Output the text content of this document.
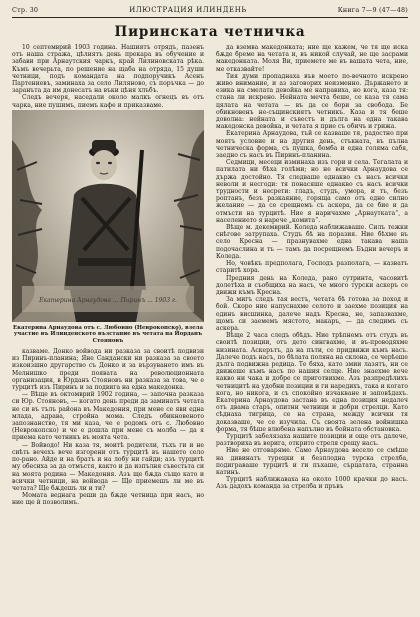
Стр. 30	ИЛЮСТРАЦИЯ ИЛИНДЕНЬ	Книга 7—9 (47—48)
Пиринската четничка

10 септемврий 1903 година. Нашиятъ отрядъ, пазенъ отъ нашa стража, цѣлиятъ день прекара въ обучение и забави при Арнаутския чаркъ, край Лилиновската рѣка. Къмъ вечерьта, по решение на щаба на отряда, 15 души четници, подъ командата на подпоручикъ Асенъ Партениевъ, заминаха за село Лиляново, съ поръчка — до заранъта да им донесатъ на въки цѣня хлъбъ.

Следъ вечеря, наседали около малкъ огнецъ въ отъ чарка, ние пушимъ, пиемъ кафе и приказваме.

Екатерина Арнаудова ... Пиринъ ... 1903 г.
Екатерина Арнаудова отъ с. Любовно (Неврокопско), взела участие въ Илинденското възстание въ четата на Йорданъ Стояновъ

казваме. Донко войвода ни разказа за своитѣ подвизи из Пиринъ-планина; Яне Сандански ни разказа за своето изкоизшно другарство съ Донко и за вързуването имъ въ Мелнишко преди появата на революционната организация, в Юрданъ Стояновъ ни разказа за това, че е турцитѣ изъ Пиринъ и за подвига на една македонка.

— Вѣще въ октомврий 1902 година, — започна разказа си Юр. Стояновъ, — когато день преди да заминатъ четата не си въ тълъ района въ Македония, при мене се яви една млада, адрава, стройна мома. Следъ обикновеното запознанство, тя ми каза, че е родомъ отъ с. Любовно (Неврокопско) и че е дошла при мене съ молба — да я приема като четникъ въ моята чета.

— Войводо! Ни каза тя, моитѣ родители, тъхъ ги и не сиѣть вечехъ вече изгорени отъ турцитѣ въ нашето село по-рано. Айде и на братъ и на лобу ни гайди; азъ турцитѣ му обесиха за да отмъстя, както и да изпълня съвестьта си на моята родина — Македония. Азъ ще бѫда също като и всички четници, на войвода — Ще приемешъ ли ме въ четата? Ще бѫдешъ ли и ти?

Момата веднага реши да бѫде четница при насъ, но ние ще ѝ позволимъ.

да вземва македонката; ние ще кажем, че тя ще иска бѫде бреме на четата и, въ никой случай, не ще засрами македонката. Моля Ви, приемете ме въ вашата чета, ние, ме отказвайте!

Тия думи пропаднаха във моето по-вечното искрено живо внимание, и аз заговорих неизменно. Държането и езика на смелата девойка ме направиха, но кога, каза тя: стана ли искрено. Нейната мечта беше, се каза тя сама цялата на четата — въ да се бори за свобода. Бе обикновенъ не-същинскиятъ четникъ. Каза и тя беше доволна: нейната и съвестъ и дълга на една такава македонска девойка, и четата я прие съ обичъ и грижа.

Екатерина Арнаудова, тъй се казваше тя, радостно при моятъ условие и на другия день, стъкната, въ пълна четническа форма, съ пушка, бомба и една голяма сабя, заедно съ насъ въ Пиринъ-планина.

Седмици, месеци изминаха изъ гори и села. Тегалата и патилата ни бѣха голѣми; но не всички Арнаудова се държа достойно. Тя следваше еднакво съ насъ всички неволи и несгоди: тя понасяше еднакво съ насъ всички трудности и несрети: гладъ, студъ, умора, и тъ, безъ роптанъ, безъ разкаяние, горяща само отъ едно силно желание — да се срещнемъ съ аскера, да се бие и да отмъсти на турцитѣ. Ние я наричахме „Арнаутката“, а населението я нарече „комита“.

Вѣще м. декемврий. Коледа наближаваше. Силъ тежки снѣгове затрупаха. Студъ бѣ на поразия. Ние бѣхме въ село Кресна — празнувахме една такава наша подочаслина и тъ — тамъ да посрещнемъ Бъдни вечеръ и Коледа.

Но, човѣкъ предполага, Господъ разполага, — казватъ старитѣ хора.

Предния день на Коледа, рано сутринта, часовитѣ долетѣха и съобщиха на насъ, че много турски аскеръ се движи къмъ Кресна.

За мигъ следъ тая вестъ, четата бѣ готова за поход и бой. Скоро ние напуснахме селото и заехме позиция на единъ висшинка, далече надъ Кресна, не, запазвахме, щомъ си заемемъ мястото, макаръ, — да следимъ съ аскера.

Вѣще 2 часа следъ обѣдъ. Ние трѣпнемъ отъ студъ въ своитѣ позиции, отъ дето сингвахме, и въ-проводяхме низината. Аскерътъ, да на пъти, се придвижи къмъ насъ. Далече подъ насъ, по бѣлата поляна на склона, се черѣеше дълга подвижна редица. Те бяха, като змии лазятъ, ни се движеше къмъ насъ по нашия селце. Ние знаехме вече какво ни чака и добре се приготвихме. Азъ разпредѣлихъ четницитѣ на удобни позиции и ги наредихъ, така и когато кога, но никога, и съ спокойно изчакване и заповѣдахъ. Екатерина Арнаудова застана въ една позиция недалеч отъ двама старъ, опитни четници и добри стрелци. Като сѣднаха тигрица, се на страна, между всички тя доказваше, че се изучила. Съ своята зелена войнишка форма, тя бѣше влюбена напълно въ бойната обстановка.

Турцитѣ забелязаха нашите позиции и още отъ далече, разтвориха въ верига, открито стреля срещу насъ.

Ние не отговаряме. Само Арнаудова весело се смѣше на дивинатъ турецки и безплодна турска стрелба, подиграваше турцитѣ и ги пъхаше, сърцатата, странна катинъ.

Турцитѣ наближаваха на около 1000 крачки до насъ. Азъ дадохъ команда за стрелба и пръвъ
